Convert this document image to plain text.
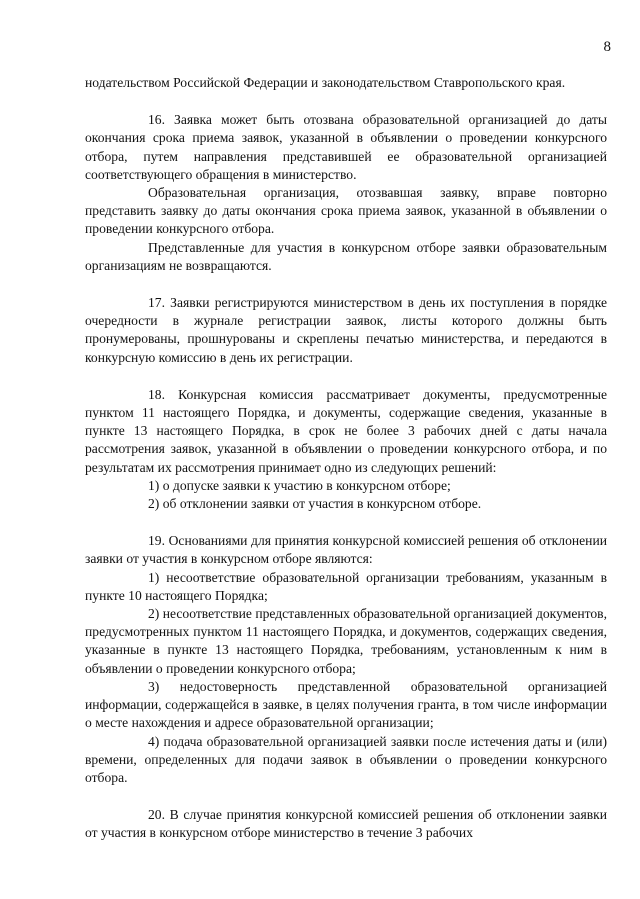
8

нодательством Российской Федерации и законодательством Ставропольского края.

16. Заявка может быть отозвана образовательной организацией до даты окончания срока приема заявок, указанной в объявлении о проведении конкурсного отбора, путем направления представившей ее образовательной организацией соответствующего обращения в министерство.

Образовательная организация, отозвавшая заявку, вправе повторно представить заявку до даты окончания срока приема заявок, указанной в объявлении о проведении конкурсного отбора.

Представленные для участия в конкурсном отборе заявки образовательным организациям не возвращаются.

17. Заявки регистрируются министерством в день их поступления в порядке очередности в журнале регистрации заявок, листы которого должны быть пронумерованы, прошнурованы и скреплены печатью министерства, и передаются в конкурсную комиссию в день их регистрации.

18. Конкурсная комиссия рассматривает документы, предусмотренные пунктом 11 настоящего Порядка, и документы, содержащие сведения, указанные в пункте 13 настоящего Порядка, в срок не более 3 рабочих дней с даты начала рассмотрения заявок, указанной в объявлении о проведении конкурсного отбора, и по результатам их рассмотрения принимает одно из следующих решений:

1) о допуске заявки к участию в конкурсном отборе;

2) об отклонении заявки от участия в конкурсном отборе.

19. Основаниями для принятия конкурсной комиссией решения об отклонении заявки от участия в конкурсном отборе являются:

1) несоответствие образовательной организации требованиям, указанным в пункте 10 настоящего Порядка;

2) несоответствие представленных образовательной организацией документов, предусмотренных пунктом 11 настоящего Порядка, и документов, содержащих сведения, указанные в пункте 13 настоящего Порядка, требованиям, установленным к ним в объявлении о проведении конкурсного отбора;

3) недостоверность представленной образовательной организацией информации, содержащейся в заявке, в целях получения гранта, в том числе информации о месте нахождения и адресе образовательной организации;

4) подача образовательной организацией заявки после истечения даты и (или) времени, определенных для подачи заявок в объявлении о проведении конкурсного отбора.

20. В случае принятия конкурсной комиссией решения об отклонении заявки от участия в конкурсном отборе министерство в течение 3 рабочих
